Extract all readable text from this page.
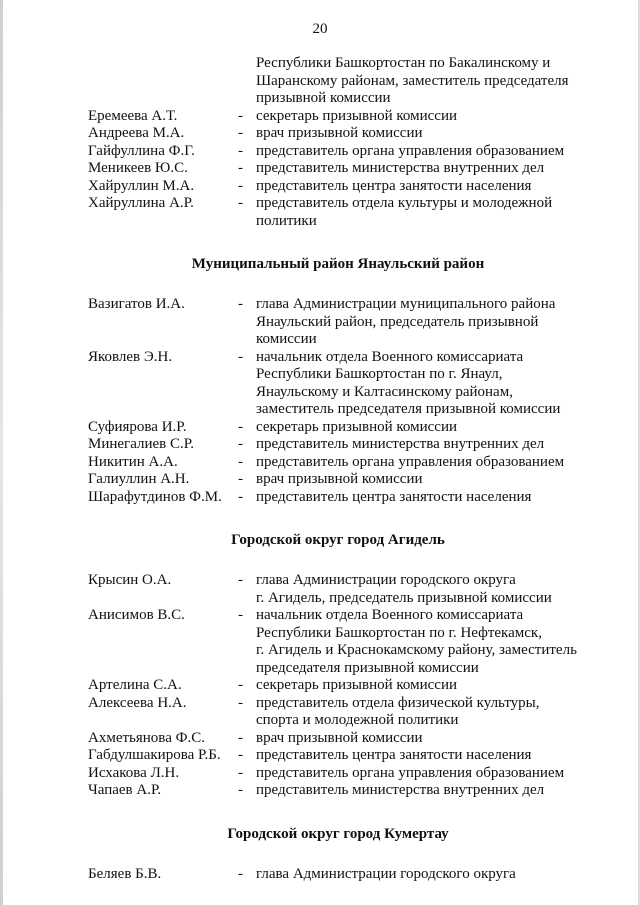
20
Республики Башкортостан по Бакалинскому и
Шаранскому районам, заместитель председателя
призывной комиссии
Еремеева А.Т.	- секретарь призывной комиссии
Андреева М.А.	- врач призывной комиссии
Гайфуллина Ф.Г.	- представитель органа управления образованием
Меникеев Ю.С.	- представитель министерства внутренних дел
Хайруллин М.А.	- представитель центра занятости населения
Хайруллина А.Р.	- представитель отдела культуры и молодежной
политики
Муниципальный район Янаульский район
Вазигатов И.А.	- глава Администрации муниципального района
Янаульский район, председатель призывной
комиссии
Яковлев Э.Н.	- начальник отдела Военного комиссариата
Республики Башкортостан по г. Янаул,
Янаульскому и Калтасинскому районам,
заместитель председателя призывной комиссии
Суфиярова И.Р.	- секретарь призывной комиссии
Минегалиев С.Р.	- представитель министерства внутренних дел
Никитин А.А.	- представитель органа управления образованием
Галиуллин А.Н.	- врач призывной комиссии
Шарафутдинов Ф.М.	- представитель центра занятости населения
Городской округ город Агидель
Крысин О.А.	- глава Администрации городского округа
г. Агидель, председатель призывной комиссии
Анисимов В.С.	- начальник отдела Военного комиссариата
Республики Башкортостан по г. Нефтекамск,
г. Агидель и Краснокамскому району, заместитель
председателя призывной комиссии
Артелина С.А.	- секретарь призывной комиссии
Алексеева Н.А.	- представитель отдела физической культуры,
спорта и молодежной политики
Ахметьянова Ф.С.	- врач призывной комиссии
Габдулшакирова Р.Б.	- представитель центра занятости населения
Исхакова Л.Н.	- представитель органа управления образованием
Чапаев А.Р.	- представитель министерства внутренних дел
Городской округ город Кумертау
Беляев Б.В.	- глава Администрации городского округа
